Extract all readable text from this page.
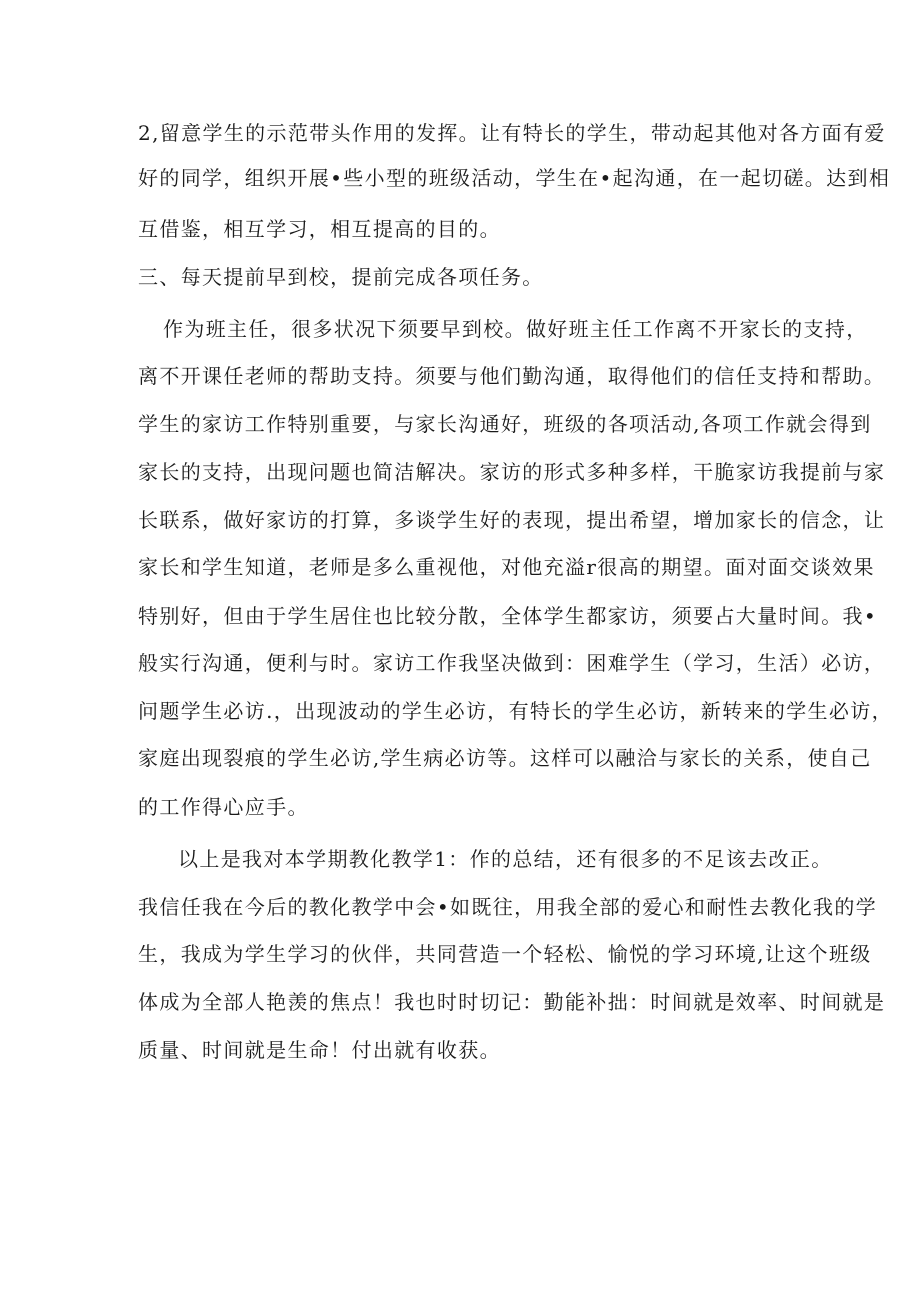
2,留意学生的示范带头作用的发挥。让有特长的学生，带动起其他对各方面有爱
好的同学，组织开展•些小型的班级活动，学生在•起沟通，在一起切磋。达到相
互借鉴，相互学习，相互提高的目的。
三、每天提前早到校，提前完成各项任务。
作为班主任，很多状况下须要早到校。做好班主任工作离不开家长的支持，
离不开课任老师的帮助支持。须要与他们勤沟通，取得他们的信任支持和帮助。
学生的家访工作特别重要，与家长沟通好，班级的各项活动,各项工作就会得到
家长的支持，出现问题也简洁解决。家访的形式多种多样，干脆家访我提前与家
长联系，做好家访的打算，多谈学生好的表现，提出希望，增加家长的信念，让
家长和学生知道，老师是多么重视他，对他充溢r很高的期望。面对面交谈效果
特别好，但由于学生居住也比较分散，全体学生都家访，须要占大量时间。我•
般实行沟通，便利与时。家访工作我坚决做到：困难学生（学习，生活）必访，
问题学生必访.，出现波动的学生必访，有特长的学生必访，新转来的学生必访，
家庭出现裂痕的学生必访,学生病必访等。这样可以融洽与家长的关系，使自己
的工作得心应手。
以上是我对本学期教化教学1：作的总结，还有很多的不足该去改正。
我信任我在今后的教化教学中会•如既往，用我全部的爱心和耐性去教化我的学
生，我成为学生学习的伙伴，共同营造一个轻松、愉悦的学习环境,让这个班级
体成为全部人艳羡的焦点！我也时时切记：勤能补拙：时间就是效率、时间就是
质量、时间就是生命！付出就有收获。
